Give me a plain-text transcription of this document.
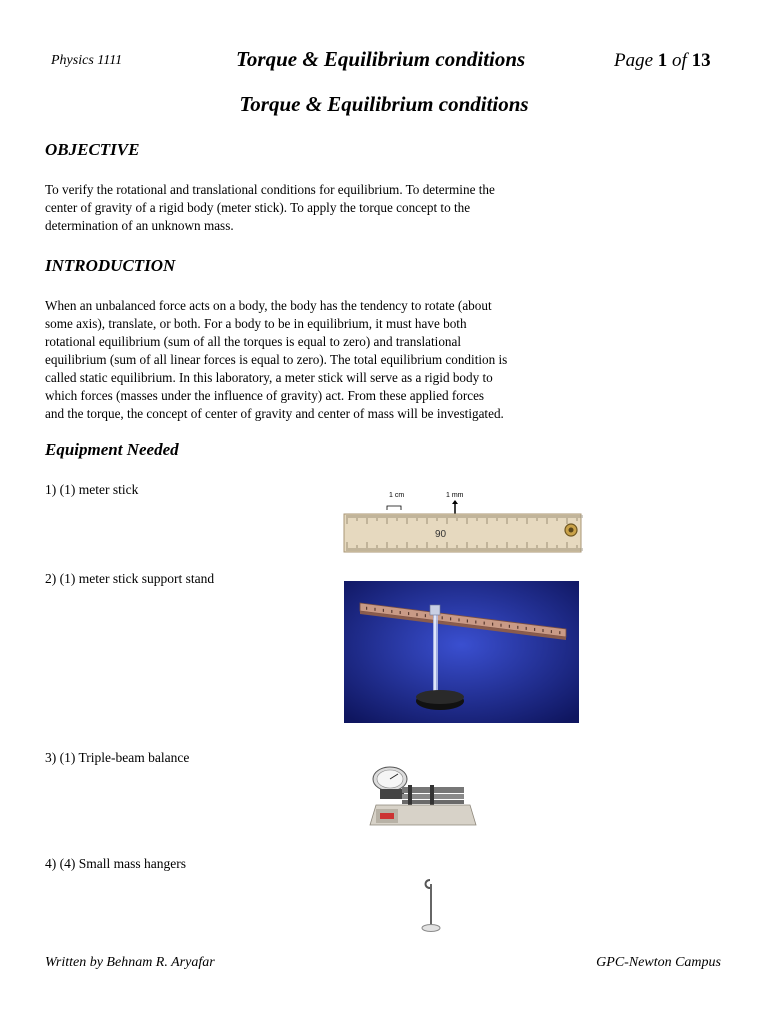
Physics 1111	Torque & Equilibrium conditions	Page 1 of 13
Torque & Equilibrium conditions
OBJECTIVE
To verify the rotational and translational conditions for equilibrium. To determine the
center of gravity of a rigid body (meter stick). To apply the torque concept to the
determination of an unknown mass.
INTRODUCTION
When an unbalanced force acts on a body, the body has the tendency to rotate (about
some axis), translate, or both. For a body to be in equilibrium, it must have both
rotational equilibrium (sum of all the torques is equal to zero) and translational
equilibrium (sum of all linear forces is equal to zero). The total equilibrium condition is
called static equilibrium. In this laboratory, a meter stick will serve as a rigid body to
which forces (masses under the influence of gravity) act. From these applied forces
and the torque, the concept of center of gravity and center of mass will be investigated.
Equipment Needed
1) (1) meter stick
2) (1) meter stick support stand
3) (1) Triple-beam balance
4) (4) Small mass hangers
1 cm	1 mm
90
Written by Behnam R. Aryafar	GPC-Newton Campus
